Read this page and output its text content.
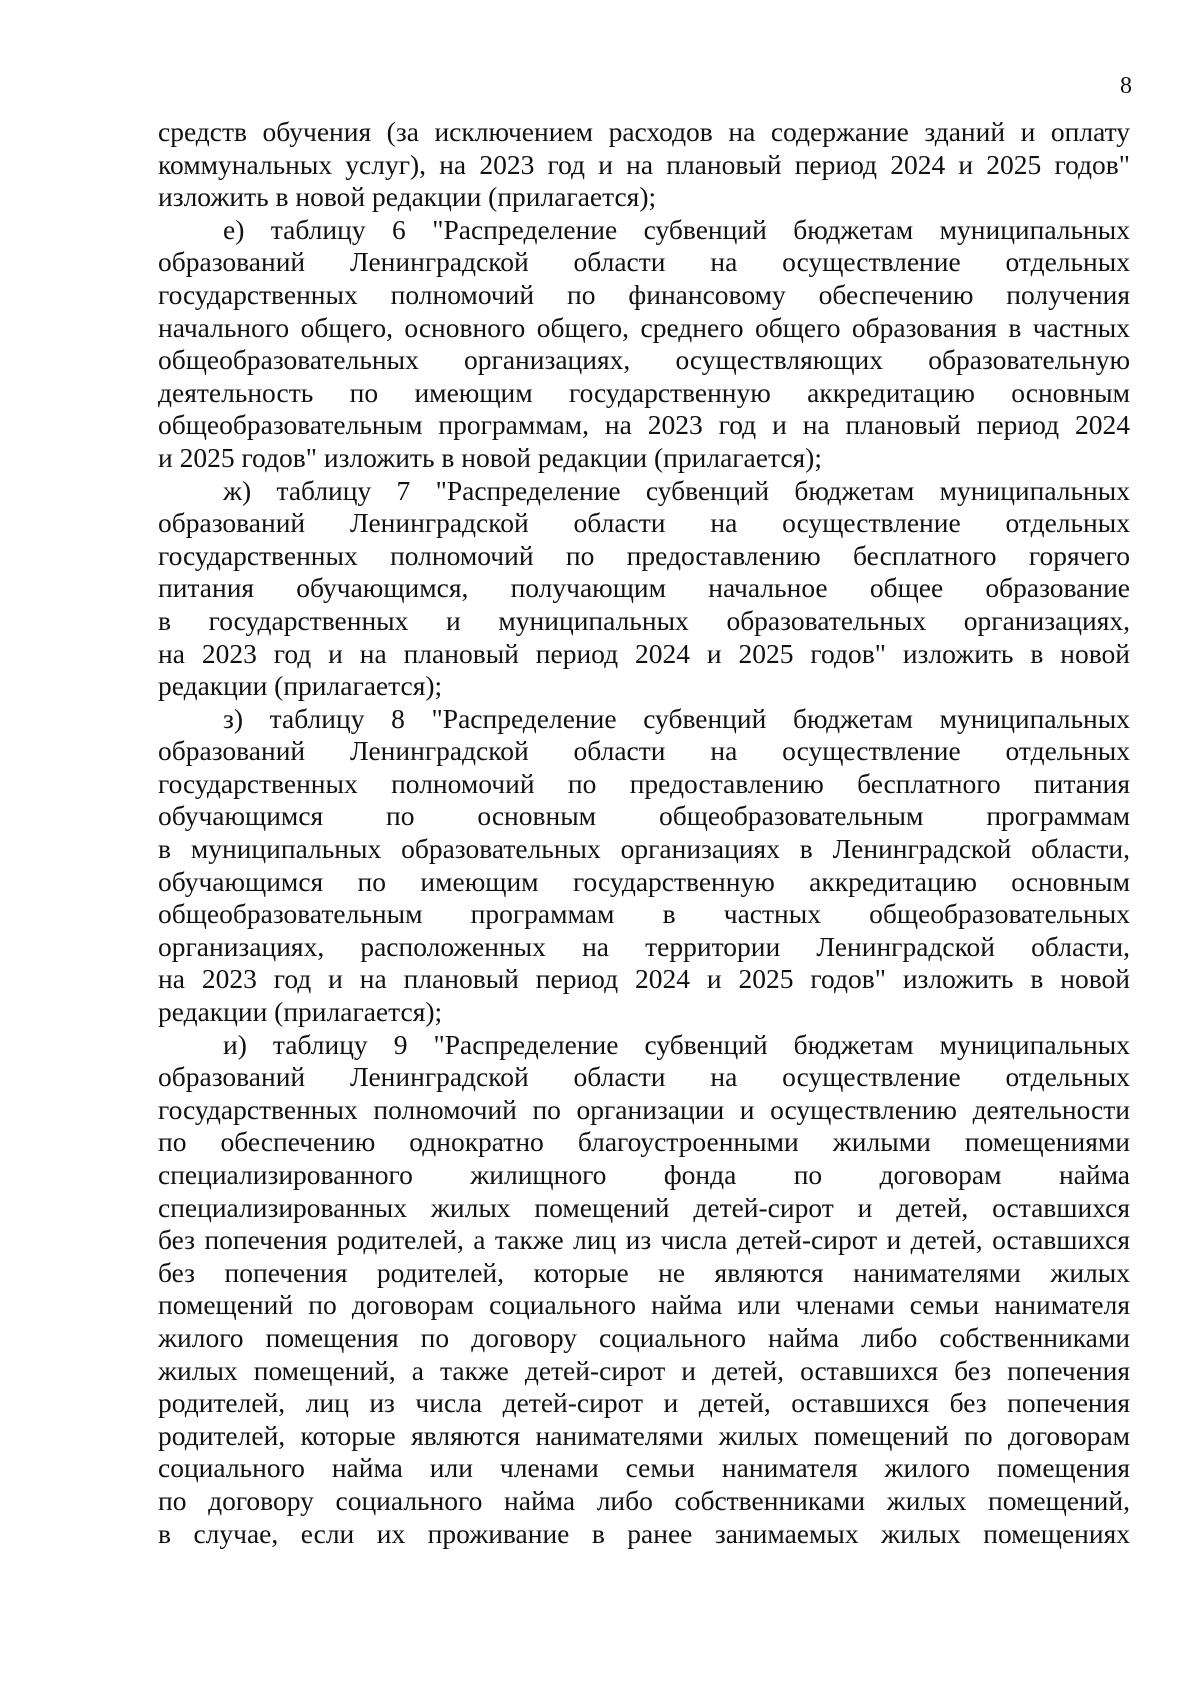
8
средств обучения (за исключением расходов на содержание зданий и оплату
коммунальных услуг), на 2023 год и на плановый период 2024 и 2025 годов"
изложить в новой редакции (прилагается);
е) таблицу 6 "Распределение субвенций бюджетам муниципальных
образований Ленинградской области на осуществление отдельных
государственных полномочий по финансовому обеспечению получения
начального общего, основного общего, среднего общего образования в частных
общеобразовательных организациях, осуществляющих образовательную
деятельность по имеющим государственную аккредитацию основным
общеобразовательным программам, на 2023 год и на плановый период 2024
и 2025 годов" изложить в новой редакции (прилагается);
ж) таблицу 7 "Распределение субвенций бюджетам муниципальных
образований Ленинградской области на осуществление отдельных
государственных полномочий по предоставлению бесплатного горячего
питания обучающимся, получающим начальное общее образование
в государственных и муниципальных образовательных организациях,
на 2023 год и на плановый период 2024 и 2025 годов" изложить в новой
редакции (прилагается);
з) таблицу 8 "Распределение субвенций бюджетам муниципальных
образований Ленинградской области на осуществление отдельных
государственных полномочий по предоставлению бесплатного питания
обучающимся по основным общеобразовательным программам
в муниципальных образовательных организациях в Ленинградской области,
обучающимся по имеющим государственную аккредитацию основным
общеобразовательным программам в частных общеобразовательных
организациях, расположенных на территории Ленинградской области,
на 2023 год и на плановый период 2024 и 2025 годов" изложить в новой
редакции (прилагается);
и) таблицу 9 "Распределение субвенций бюджетам муниципальных
образований Ленинградской области на осуществление отдельных
государственных полномочий по организации и осуществлению деятельности
по обеспечению однократно благоустроенными жилыми помещениями
специализированного жилищного фонда по договорам найма
специализированных жилых помещений детей-сирот и детей, оставшихся
без попечения родителей, а также лиц из числа детей-сирот и детей, оставшихся
без попечения родителей, которые не являются нанимателями жилых
помещений по договорам социального найма или членами семьи нанимателя
жилого помещения по договору социального найма либо собственниками
жилых помещений, а также детей-сирот и детей, оставшихся без попечения
родителей, лиц из числа детей-сирот и детей, оставшихся без попечения
родителей, которые являются нанимателями жилых помещений по договорам
социального найма или членами семьи нанимателя жилого помещения
по договору социального найма либо собственниками жилых помещений,
в случае, если их проживание в ранее занимаемых жилых помещениях
